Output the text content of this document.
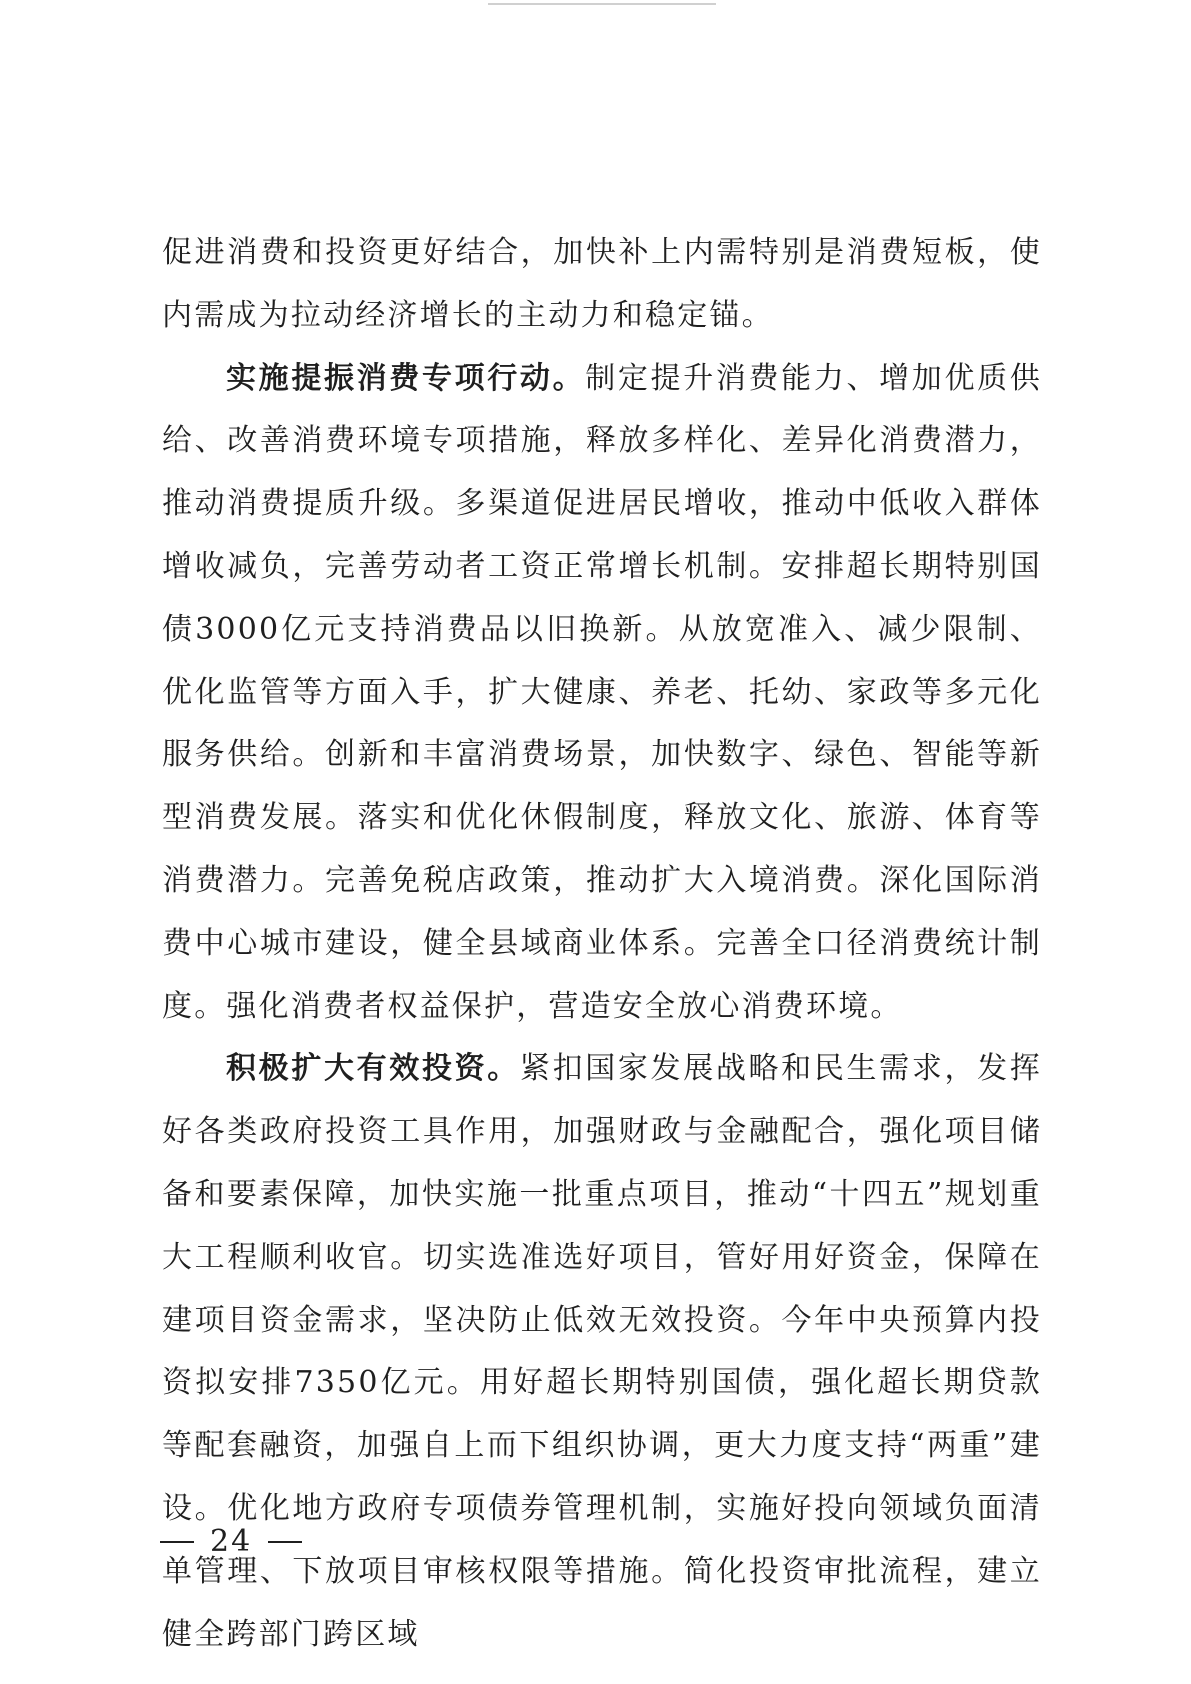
促进消费和投资更好结合，加快补上内需特别是消费短板，使内需成为拉动经济增长的主动力和稳定锚。

实施提振消费专项行动。制定提升消费能力、增加优质供给、改善消费环境专项措施，释放多样化、差异化消费潜力，推动消费提质升级。多渠道促进居民增收，推动中低收入群体增收减负，完善劳动者工资正常增长机制。安排超长期特别国债3000亿元支持消费品以旧换新。从放宽准入、减少限制、优化监管等方面入手，扩大健康、养老、托幼、家政等多元化服务供给。创新和丰富消费场景，加快数字、绿色、智能等新型消费发展。落实和优化休假制度，释放文化、旅游、体育等消费潜力。完善免税店政策，推动扩大入境消费。深化国际消费中心城市建设，健全县域商业体系。完善全口径消费统计制度。强化消费者权益保护，营造安全放心消费环境。

积极扩大有效投资。紧扣国家发展战略和民生需求，发挥好各类政府投资工具作用，加强财政与金融配合，强化项目储备和要素保障，加快实施一批重点项目，推动“十四五”规划重大工程顺利收官。切实选准选好项目，管好用好资金，保障在建项目资金需求，坚决防止低效无效投资。今年中央预算内投资拟安排7350亿元。用好超长期特别国债，强化超长期贷款等配套融资，加强自上而下组织协调，更大力度支持“两重”建设。优化地方政府专项债券管理机制，实施好投向领域负面清单管理、下放项目审核权限等措施。简化投资审批流程，建立健全跨部门跨区域

24
